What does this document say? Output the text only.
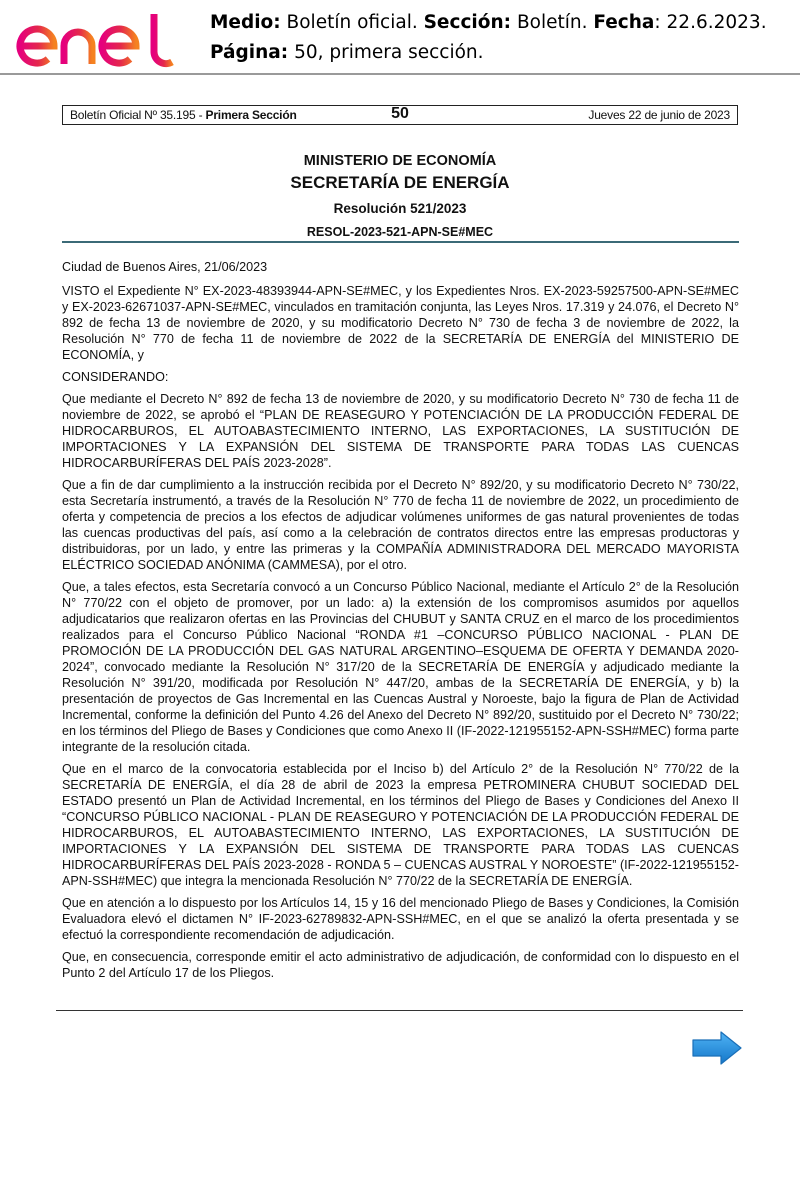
Medio: Boletín oficial. Sección: Boletín. Fecha: 22.6.2023.
Página: 50, primera sección.
Boletín Oficial Nº 35.195 - Primera Sección	50	Jueves 22 de junio de 2023
MINISTERIO DE ECONOMÍA
SECRETARÍA DE ENERGÍA
Resolución 521/2023
RESOL-2023-521-APN-SE#MEC

Ciudad de Buenos Aires, 21/06/2023

VISTO el Expediente N° EX-2023-48393944-APN-SE#MEC, y los Expedientes Nros. EX-2023-59257500-APN-SE#MEC y EX-2023-62671037-APN-SE#MEC, vinculados en tramitación conjunta, las Leyes Nros. 17.319 y 24.076, el Decreto N° 892 de fecha 13 de noviembre de 2020, y su modificatorio Decreto N° 730 de fecha 3 de noviembre de 2022, la Resolución N° 770 de fecha 11 de noviembre de 2022 de la SECRETARÍA DE ENERGÍA del MINISTERIO DE ECONOMÍA, y

CONSIDERANDO:

Que mediante el Decreto N° 892 de fecha 13 de noviembre de 2020, y su modificatorio Decreto N° 730 de fecha 11 de noviembre de 2022, se aprobó el “PLAN DE REASEGURO Y POTENCIACIÓN DE LA PRODUCCIÓN FEDERAL DE HIDROCARBUROS, EL AUTOABASTECIMIENTO INTERNO, LAS EXPORTACIONES, LA SUSTITUCIÓN DE IMPORTACIONES Y LA EXPANSIÓN DEL SISTEMA DE TRANSPORTE PARA TODAS LAS CUENCAS HIDROCARBURÍFERAS DEL PAÍS 2023-2028”.

Que a fin de dar cumplimiento a la instrucción recibida por el Decreto N° 892/20, y su modificatorio Decreto N° 730/22, esta Secretaría instrumentó, a través de la Resolución N° 770 de fecha 11 de noviembre de 2022, un procedimiento de oferta y competencia de precios a los efectos de adjudicar volúmenes uniformes de gas natural provenientes de todas las cuencas productivas del país, así como a la celebración de contratos directos entre las empresas productoras y distribuidoras, por un lado, y entre las primeras y la COMPAÑÍA ADMINISTRADORA DEL MERCADO MAYORISTA ELÉCTRICO SOCIEDAD ANÓNIMA (CAMMESA), por el otro.

Que, a tales efectos, esta Secretaría convocó a un Concurso Público Nacional, mediante el Artículo 2° de la Resolución N° 770/22 con el objeto de promover, por un lado: a) la extensión de los compromisos asumidos por aquellos adjudicatarios que realizaron ofertas en las Provincias del CHUBUT y SANTA CRUZ en el marco de los procedimientos realizados para el Concurso Público Nacional “RONDA #1 –CONCURSO PÚBLICO NACIONAL - PLAN DE PROMOCIÓN DE LA PRODUCCIÓN DEL GAS NATURAL ARGENTINO–ESQUEMA DE OFERTA Y DEMANDA 2020-2024”, convocado mediante la Resolución N° 317/20 de la SECRETARÍA DE ENERGÍA y adjudicado mediante la Resolución N° 391/20, modificada por Resolución N° 447/20, ambas de la SECRETARÍA DE ENERGÍA, y b) la presentación de proyectos de Gas Incremental en las Cuencas Austral y Noroeste, bajo la figura de Plan de Actividad Incremental, conforme la definición del Punto 4.26 del Anexo del Decreto N° 892/20, sustituido por el Decreto N° 730/22; en los términos del Pliego de Bases y Condiciones que como Anexo II (IF-2022-121955152-APN-SSH#MEC) forma parte integrante de la resolución citada.

Que en el marco de la convocatoria establecida por el Inciso b) del Artículo 2° de la Resolución N° 770/22 de la SECRETARÍA DE ENERGÍA, el día 28 de abril de 2023 la empresa PETROMINERA CHUBUT SOCIEDAD DEL ESTADO presentó un Plan de Actividad Incremental, en los términos del Pliego de Bases y Condiciones del Anexo II “CONCURSO PÚBLICO NACIONAL - PLAN DE REASEGURO Y POTENCIACIÓN DE LA PRODUCCIÓN FEDERAL DE HIDROCARBUROS, EL AUTOABASTECIMIENTO INTERNO, LAS EXPORTACIONES, LA SUSTITUCIÓN DE IMPORTACIONES Y LA EXPANSIÓN DEL SISTEMA DE TRANSPORTE PARA TODAS LAS CUENCAS HIDROCARBURÍFERAS DEL PAÍS 2023-2028 - RONDA 5 – CUENCAS AUSTRAL Y NOROESTE” (IF-2022-121955152-APN-SSH#MEC) que integra la mencionada Resolución N° 770/22 de la SECRETARÍA DE ENERGÍA.

Que en atención a lo dispuesto por los Artículos 14, 15 y 16 del mencionado Pliego de Bases y Condiciones, la Comisión Evaluadora elevó el dictamen N° IF-2023-62789832-APN-SSH#MEC, en el que se analizó la oferta presentada y se efectuó la correspondiente recomendación de adjudicación.

Que, en consecuencia, corresponde emitir el acto administrativo de adjudicación, de conformidad con lo dispuesto en el Punto 2 del Artículo 17 de los Pliegos.
